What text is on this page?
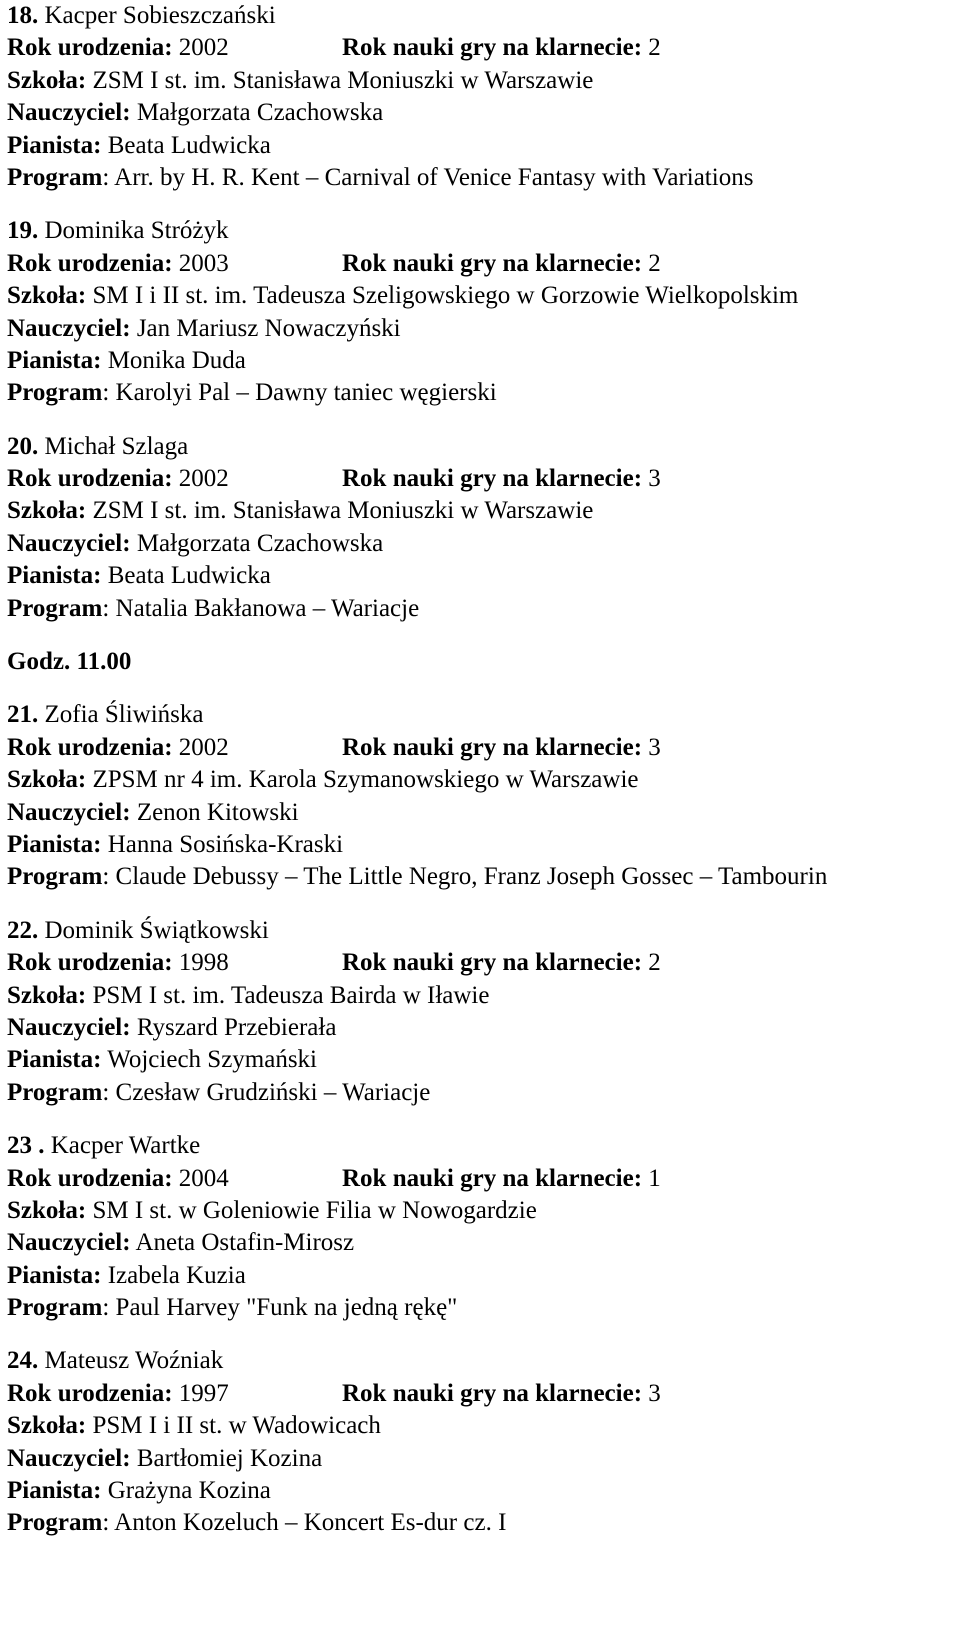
18. Kacper Sobieszczański
Rok urodzenia: 2002	Rok nauki gry na klarnecie: 2
Szkoła: ZSM I st. im. Stanisława Moniuszki w Warszawie
Nauczyciel: Małgorzata Czachowska
Pianista: Beata Ludwicka
Program: Arr. by H. R. Kent – Carnival of Venice Fantasy with Variations
19. Dominika Stróżyk
Rok urodzenia: 2003	Rok nauki gry na klarnecie: 2
Szkoła: SM I i II st. im. Tadeusza Szeligowskiego w Gorzowie Wielkopolskim
Nauczyciel: Jan Mariusz Nowaczyński
Pianista: Monika Duda
Program: Karolyi Pal – Dawny taniec węgierski
20. Michał Szlaga
Rok urodzenia: 2002	Rok nauki gry na klarnecie: 3
Szkoła: ZSM I st. im. Stanisława Moniuszki w Warszawie
Nauczyciel: Małgorzata Czachowska
Pianista: Beata Ludwicka
Program: Natalia Bakłanowa – Wariacje
Godz. 11.00
21. Zofia Śliwińska
Rok urodzenia: 2002	Rok nauki gry na klarnecie: 3
Szkoła: ZPSM nr 4 im. Karola Szymanowskiego w Warszawie
Nauczyciel: Zenon Kitowski
Pianista: Hanna Sosińska-Kraski
Program: Claude Debussy – The Little Negro, Franz Joseph Gossec – Tambourin
22. Dominik Świątkowski
Rok urodzenia: 1998	Rok nauki gry na klarnecie: 2
Szkoła: PSM I st. im. Tadeusza Bairda w Iławie
Nauczyciel: Ryszard Przebierała
Pianista: Wojciech Szymański
Program: Czesław Grudziński – Wariacje
23 . Kacper Wartke
Rok urodzenia: 2004	Rok nauki gry na klarnecie: 1
Szkoła: SM I st. w Goleniowie Filia w Nowogardzie
Nauczyciel: Aneta Ostafin-Mirosz
Pianista: Izabela Kuzia
Program: Paul Harvey "Funk na jedną rękę"
24. Mateusz Woźniak
Rok urodzenia: 1997	Rok nauki gry na klarnecie: 3
Szkoła: PSM I i II st. w Wadowicach
Nauczyciel: Bartłomiej Kozina
Pianista: Grażyna Kozina
Program: Anton Kozeluch – Koncert Es-dur cz. I
